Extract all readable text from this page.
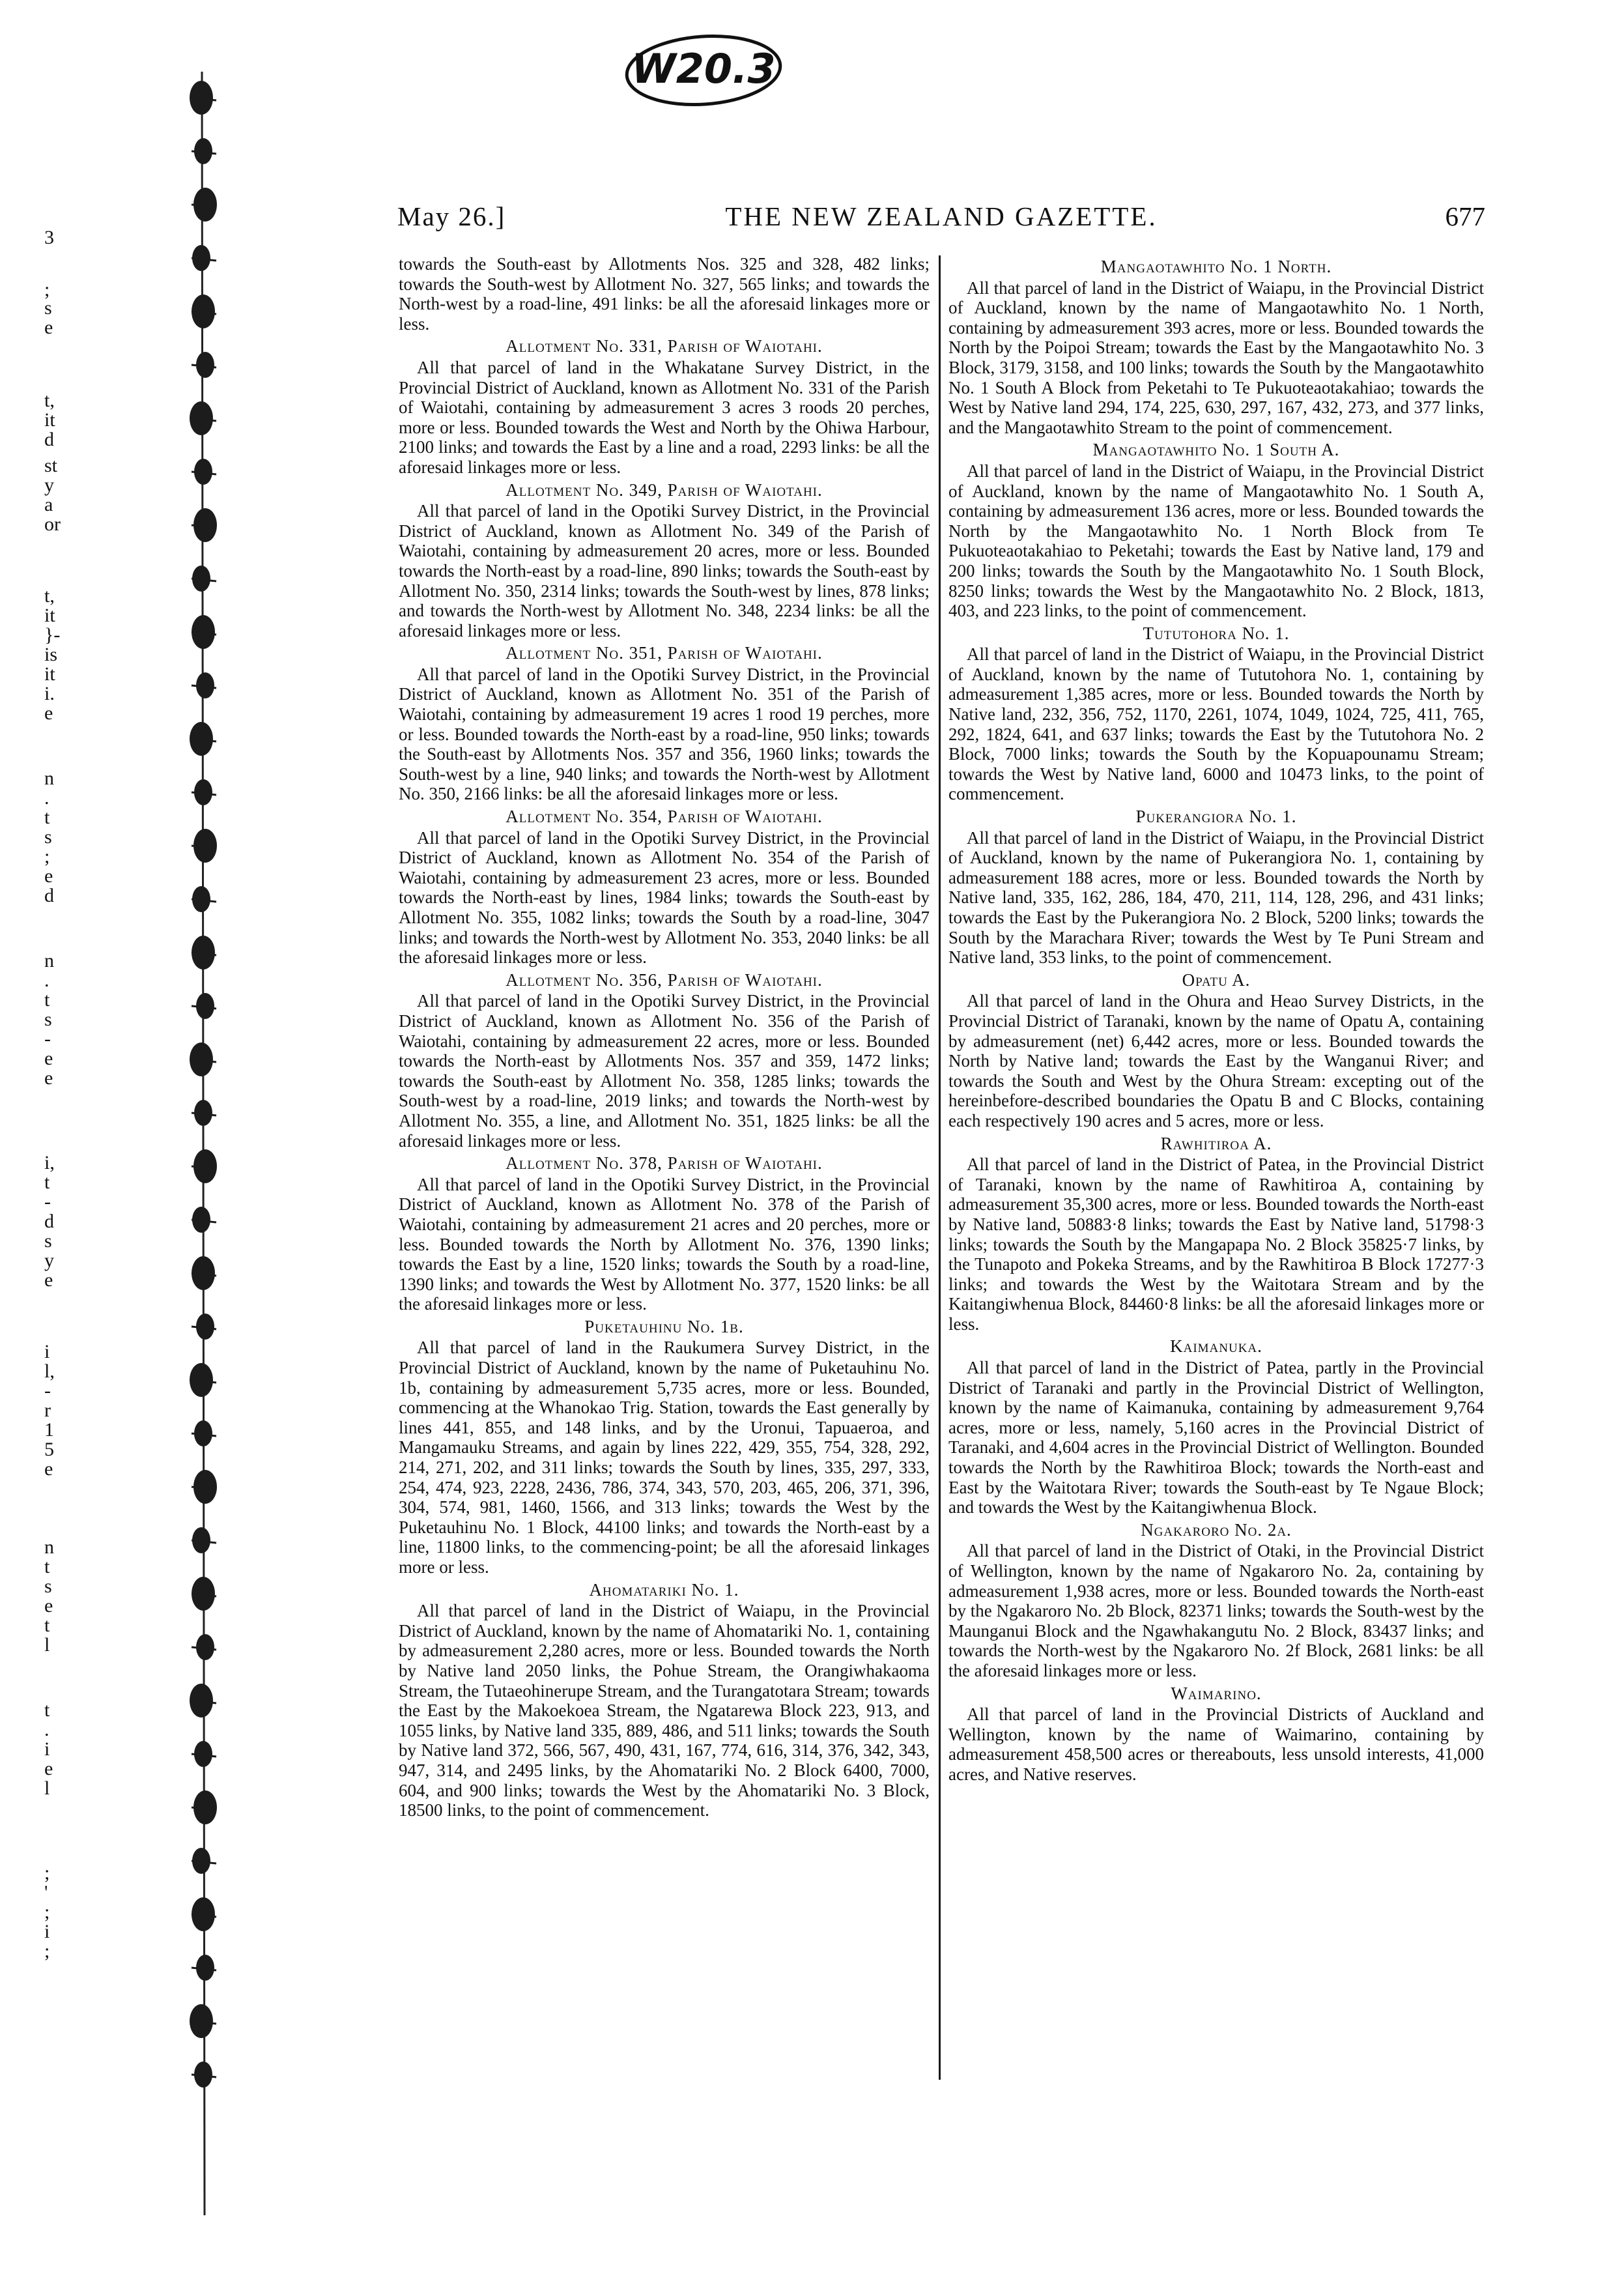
W20.3
3
;
s
e
t,
it
d
st
y
a
or
t,
it
}-
is
it
i.
e
n
.
t
s
;
e
d
n
.
t
s
-
e
e
i,
t
-
d
s
y
e
i
l,
-
r
1
5
e
n
t
s
e
t
l
t
.
i
e
l
;
'
;
i
;
May 26.]	THE NEW ZEALAND GAZETTE.	677

towards the South-east by Allotments Nos. 325 and 328, 482 links; towards the South-west by Allotment No. 327, 565 links; and towards the North-west by a road-line, 491 links: be all the aforesaid linkages more or less.

Allotment No. 331, Parish of Waiotahi.

All that parcel of land in the Whakatane Survey District, in the Provincial District of Auckland, known as Allotment No. 331 of the Parish of Waiotahi, containing by admeasurement 3 acres 3 roods 20 perches, more or less. Bounded towards the West and North by the Ohiwa Harbour, 2100 links; and towards the East by a line and a road, 2293 links: be all the aforesaid linkages more or less.

Allotment No. 349, Parish of Waiotahi.

All that parcel of land in the Opotiki Survey District, in the Provincial District of Auckland, known as Allotment No. 349 of the Parish of Waiotahi, containing by admeasurement 20 acres, more or less. Bounded towards the North-east by a road-line, 890 links; towards the South-east by Allotment No. 350, 2314 links; towards the South-west by lines, 878 links; and towards the North-west by Allotment No. 348, 2234 links: be all the aforesaid linkages more or less.

Allotment No. 351, Parish of Waiotahi.

All that parcel of land in the Opotiki Survey District, in the Provincial District of Auckland, known as Allotment No. 351 of the Parish of Waiotahi, containing by admeasurement 19 acres 1 rood 19 perches, more or less. Bounded towards the North-east by a road-line, 950 links; towards the South-east by Allotments Nos. 357 and 356, 1960 links; towards the South-west by a line, 940 links; and towards the North-west by Allotment No. 350, 2166 links: be all the aforesaid linkages more or less.

Allotment No. 354, Parish of Waiotahi.

All that parcel of land in the Opotiki Survey District, in the Provincial District of Auckland, known as Allotment No. 354 of the Parish of Waiotahi, containing by admeasurement 23 acres, more or less. Bounded towards the North-east by lines, 1984 links; towards the South-east by Allotment No. 355, 1082 links; towards the South by a road-line, 3047 links; and towards the North-west by Allotment No. 353, 2040 links: be all the aforesaid linkages more or less.

Allotment No. 356, Parish of Waiotahi.

All that parcel of land in the Opotiki Survey District, in the Provincial District of Auckland, known as Allotment No. 356 of the Parish of Waiotahi, containing by admeasurement 22 acres, more or less. Bounded towards the North-east by Allotments Nos. 357 and 359, 1472 links; towards the South-east by Allotment No. 358, 1285 links; towards the South-west by a road-line, 2019 links; and towards the North-west by Allotment No. 355, a line, and Allotment No. 351, 1825 links: be all the aforesaid linkages more or less.

Allotment No. 378, Parish of Waiotahi.

All that parcel of land in the Opotiki Survey District, in the Provincial District of Auckland, known as Allotment No. 378 of the Parish of Waiotahi, containing by admeasurement 21 acres and 20 perches, more or less. Bounded towards the North by Allotment No. 376, 1390 links; towards the East by a line, 1520 links; towards the South by a road-line, 1390 links; and towards the West by Allotment No. 377, 1520 links: be all the aforesaid linkages more or less.

Puketauhinu No. 1b.

All that parcel of land in the Raukumera Survey District, in the Provincial District of Auckland, known by the name of Puketauhinu No. 1b, containing by admeasurement 5,735 acres, more or less. Bounded, commencing at the Whanokao Trig. Station, towards the East generally by lines 441, 855, and 148 links, and by the Uronui, Tapuaeroa, and Mangamauku Streams, and again by lines 222, 429, 355, 754, 328, 292, 214, 271, 202, and 311 links; towards the South by lines, 335, 297, 333, 254, 474, 923, 2228, 2436, 786, 374, 343, 570, 203, 465, 206, 371, 396, 304, 574, 981, 1460, 1566, and 313 links; towards the West by the Puketauhinu No. 1 Block, 44100 links; and towards the North-east by a line, 11800 links, to the commencing-point; be all the aforesaid linkages more or less.

Ahomatariki No. 1.

All that parcel of land in the District of Waiapu, in the Provincial District of Auckland, known by the name of Ahomatariki No. 1, containing by admeasurement 2,280 acres, more or less. Bounded towards the North by Native land 2050 links, the Pohue Stream, the Orangiwhakaoma Stream, the Tutaeohinerupe Stream, and the Turangatotara Stream; towards the East by the Makoekoea Stream, the Ngatarewa Block 223, 913, and 1055 links, by Native land 335, 889, 486, and 511 links; towards the South by Native land 372, 566, 567, 490, 431, 167, 774, 616, 314, 376, 342, 343, 947, 314, and 2495 links, by the Ahomatariki No. 2 Block 6400, 7000, 604, and 900 links; towards the West by the Ahomatariki No. 3 Block, 18500 links, to the point of commencement.

Mangaotawhito No. 1 North.

All that parcel of land in the District of Waiapu, in the Provincial District of Auckland, known by the name of Mangaotawhito No. 1 North, containing by admeasurement 393 acres, more or less. Bounded towards the North by the Poipoi Stream; towards the East by the Mangaotawhito No. 3 Block, 3179, 3158, and 100 links; towards the South by the Mangaotawhito No. 1 South A Block from Peketahi to Te Pukuoteaotakahiao; towards the West by Native land 294, 174, 225, 630, 297, 167, 432, 273, and 377 links, and the Mangaotawhito Stream to the point of commencement.

Mangaotawhito No. 1 South A.

All that parcel of land in the District of Waiapu, in the Provincial District of Auckland, known by the name of Mangaotawhito No. 1 South A, containing by admeasurement 136 acres, more or less. Bounded towards the North by the Mangaotawhito No. 1 North Block from Te Pukuoteaotakahiao to Peketahi; towards the East by Native land, 179 and 200 links; towards the South by the Mangaotawhito No. 1 South Block, 8250 links; towards the West by the Mangaotawhito No. 2 Block, 1813, 403, and 223 links, to the point of commencement.

Tututohora No. 1.

All that parcel of land in the District of Waiapu, in the Provincial District of Auckland, known by the name of Tututohora No. 1, containing by admeasurement 1,385 acres, more or less. Bounded towards the North by Native land, 232, 356, 752, 1170, 2261, 1074, 1049, 1024, 725, 411, 765, 292, 1824, 641, and 637 links; towards the East by the Tututohora No. 2 Block, 7000 links; towards the South by the Kopuapounamu Stream; towards the West by Native land, 6000 and 10473 links, to the point of commencement.

Pukerangiora No. 1.

All that parcel of land in the District of Waiapu, in the Provincial District of Auckland, known by the name of Pukerangiora No. 1, containing by admeasurement 188 acres, more or less. Bounded towards the North by Native land, 335, 162, 286, 184, 470, 211, 114, 128, 296, and 431 links; towards the East by the Pukerangiora No. 2 Block, 5200 links; towards the South by the Marachara River; towards the West by Te Puni Stream and Native land, 353 links, to the point of commencement.

Opatu A.

All that parcel of land in the Ohura and Heao Survey Districts, in the Provincial District of Taranaki, known by the name of Opatu A, containing by admeasurement (net) 6,442 acres, more or less. Bounded towards the North by Native land; towards the East by the Wanganui River; and towards the South and West by the Ohura Stream: excepting out of the hereinbefore-described boundaries the Opatu B and C Blocks, containing each respectively 190 acres and 5 acres, more or less.

Rawhitiroa A.

All that parcel of land in the District of Patea, in the Provincial District of Taranaki, known by the name of Rawhitiroa A, containing by admeasurement 35,300 acres, more or less. Bounded towards the North-east by Native land, 50883·8 links; towards the East by Native land, 51798·3 links; towards the South by the Mangapapa No. 2 Block 35825·7 links, by the Tunapoto and Pokeka Streams, and by the Rawhitiroa B Block 17277·3 links; and towards the West by the Waitotara Stream and by the Kaitangiwhenua Block, 84460·8 links: be all the aforesaid linkages more or less.

Kaimanuka.

All that parcel of land in the District of Patea, partly in the Provincial District of Taranaki and partly in the Provincial District of Wellington, known by the name of Kaimanuka, containing by admeasurement 9,764 acres, more or less, namely, 5,160 acres in the Provincial District of Taranaki, and 4,604 acres in the Provincial District of Wellington. Bounded towards the North by the Rawhitiroa Block; towards the North-east and East by the Waitotara River; towards the South-east by Te Ngaue Block; and towards the West by the Kaitangiwhenua Block.

Ngakaroro No. 2a.

All that parcel of land in the District of Otaki, in the Provincial District of Wellington, known by the name of Ngakaroro No. 2a, containing by admeasurement 1,938 acres, more or less. Bounded towards the North-east by the Ngakaroro No. 2b Block, 82371 links; towards the South-west by the Maunganui Block and the Ngawhakangutu No. 2 Block, 83437 links; and towards the North-west by the Ngakaroro No. 2f Block, 2681 links: be all the aforesaid linkages more or less.

Waimarino.

All that parcel of land in the Provincial Districts of Auckland and Wellington, known by the name of Waimarino, containing by admeasurement 458,500 acres or thereabouts, less unsold interests, 41,000 acres, and Native reserves.
